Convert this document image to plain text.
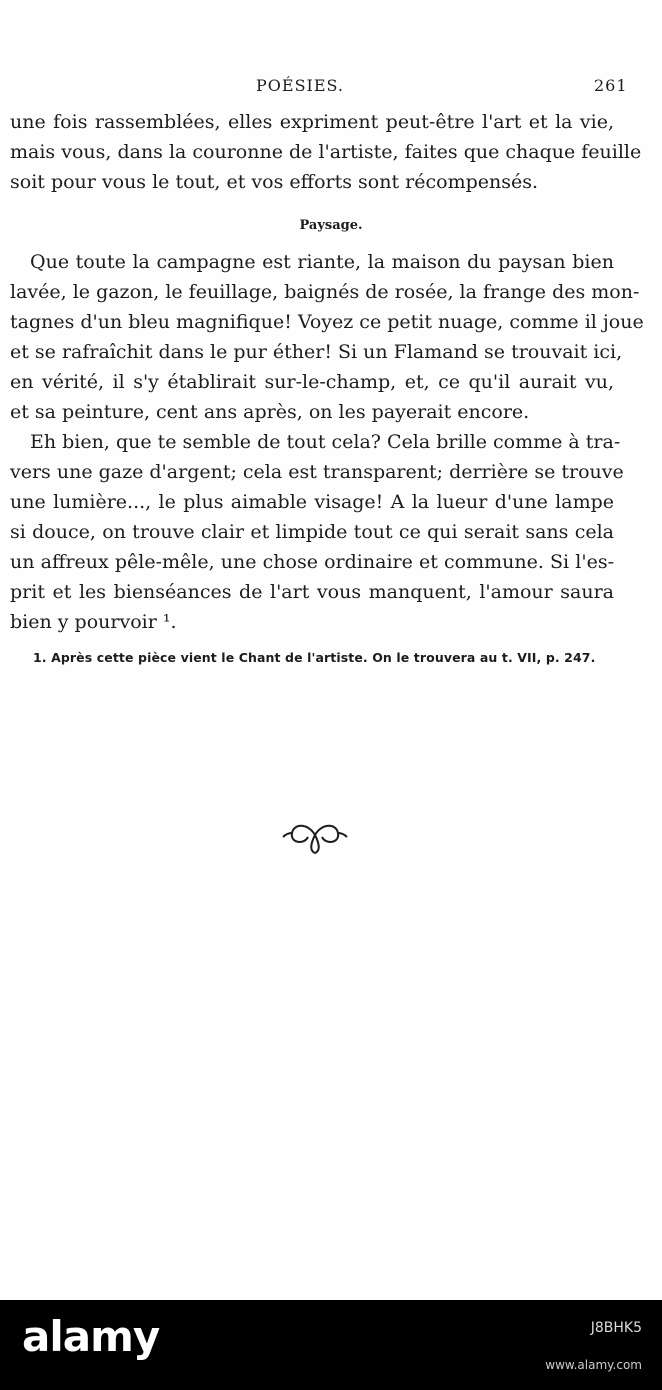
POÉSIES.	261
une fois rassemblées, elles expriment peut-être l'art et la vie,
mais vous, dans la couronne de l'artiste, faites que chaque feuille
soit pour vous le tout, et vos efforts sont récompensés.
Paysage.
Que toute la campagne est riante, la maison du paysan bien
lavée, le gazon, le feuillage, baignés de rosée, la frange des mon-
tagnes d'un bleu magnifique! Voyez ce petit nuage, comme il joue
et se rafraîchit dans le pur éther! Si un Flamand se trouvait ici,
en vérité, il s'y établirait sur-le-champ, et, ce qu'il aurait vu,
et sa peinture, cent ans après, on les payerait encore.
Eh bien, que te semble de tout cela? Cela brille comme à tra-
vers une gaze d'argent; cela est transparent; derrière se trouve
une lumière..., le plus aimable visage! A la lueur d'une lampe
si douce, on trouve clair et limpide tout ce qui serait sans cela
un affreux pêle-mêle, une chose ordinaire et commune. Si l'es-
prit et les bienséances de l'art vous manquent, l'amour saura
bien y pourvoir ¹.
1. Après cette pièce vient le Chant de l'artiste. On le trouvera au t. VII, p. 247.
alamy	J8BHK5
www.alamy.com
